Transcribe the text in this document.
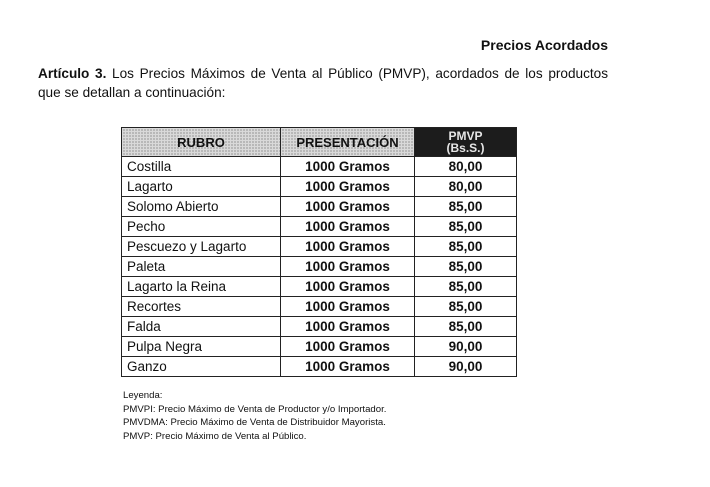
Precios Acordados

Artículo 3. Los Precios Máximos de Venta al Público (PMVP), acordados de los productos que se detallan a continuación:

RUBRO	PRESENTACIÓN	PMVP
(Bs.S.)
Costilla	1000 Gramos	80,00
Lagarto	1000 Gramos	80,00
Solomo Abierto	1000 Gramos	85,00
Pecho	1000 Gramos	85,00
Pescuezo y Lagarto	1000 Gramos	85,00
Paleta	1000 Gramos	85,00
Lagarto la Reina	1000 Gramos	85,00
Recortes	1000 Gramos	85,00
Falda	1000 Gramos	85,00
Pulpa Negra	1000 Gramos	90,00
Ganzo	1000 Gramos	90,00
Leyenda:
PMVPI: Precio Máximo de Venta de Productor y/o Importador.
PMVDMA: Precio Máximo de Venta de Distribuidor Mayorista.
PMVP: Precio Máximo de Venta al Público.
